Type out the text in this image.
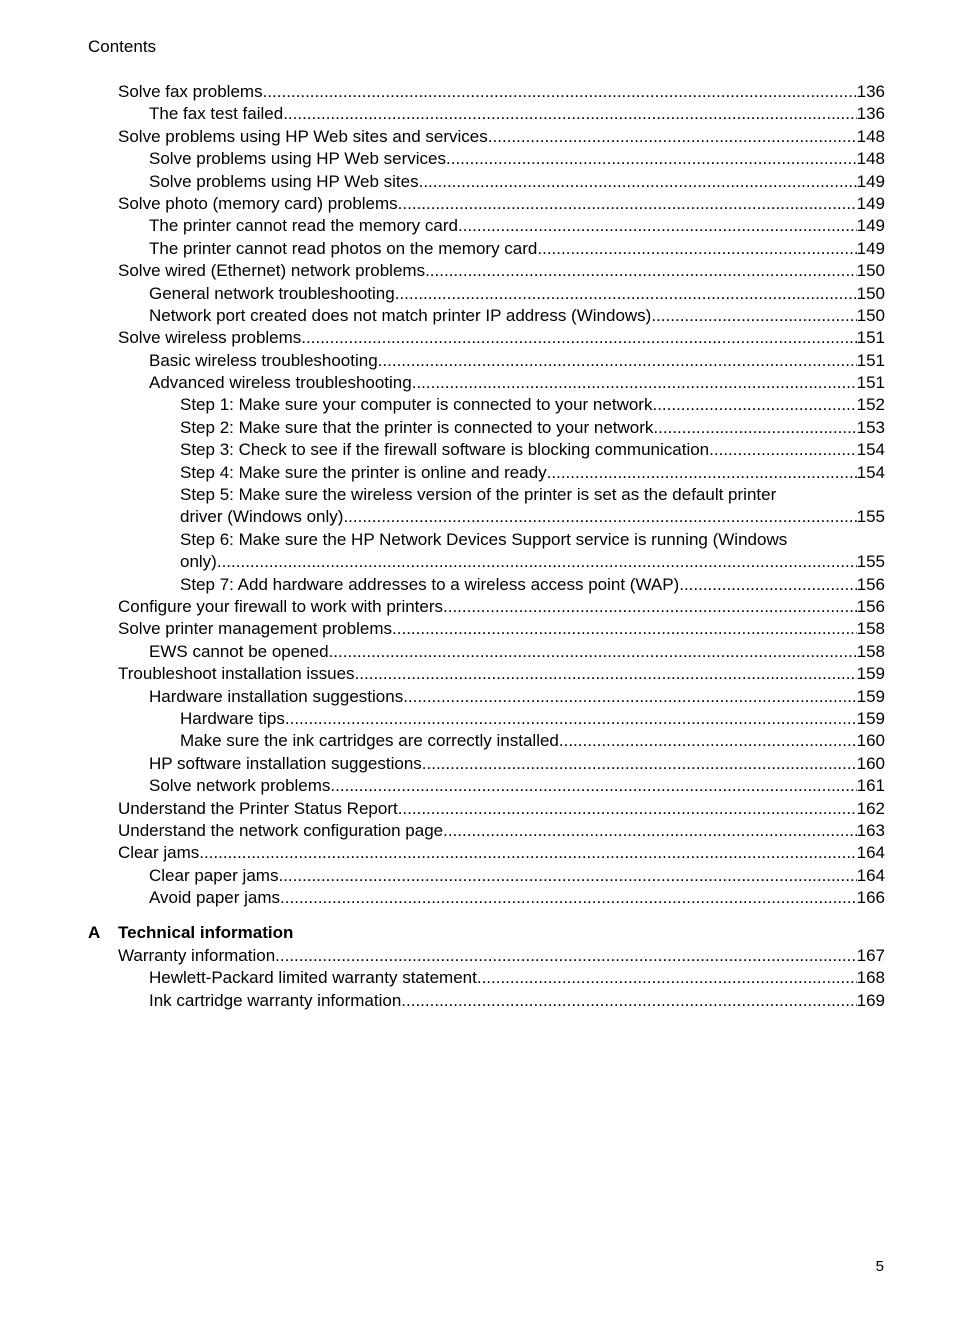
Contents
Solve fax problems .....	136
The fax test failed .....	136
Solve problems using HP Web sites and services .....	148
Solve problems using HP Web services .....	148
Solve problems using HP Web sites .....	149
Solve photo (memory card) problems .....	149
The printer cannot read the memory card .....	149
The printer cannot read photos on the memory card .....	149
Solve wired (Ethernet) network problems .....	150
General network troubleshooting .....	150
Network port created does not match printer IP address (Windows) .....	150
Solve wireless problems .....	151
Basic wireless troubleshooting .....	151
Advanced wireless troubleshooting .....	151
Step 1: Make sure your computer is connected to your network .....	152
Step 2: Make sure that the printer is connected to your network .....	153
Step 3: Check to see if the firewall software is blocking communication .....	154
Step 4: Make sure the printer is online and ready .....	154
Step 5: Make sure the wireless version of the printer is set as the default printer
driver (Windows only) .....	155
Step 6: Make sure the HP Network Devices Support service is running (Windows
only) .....	155
Step 7: Add hardware addresses to a wireless access point (WAP) .....	156
Configure your firewall to work with printers .....	156
Solve printer management problems .....	158
EWS cannot be opened .....	158
Troubleshoot installation issues .....	159
Hardware installation suggestions .....	159
Hardware tips .....	159
Make sure the ink cartridges are correctly installed .....	160
HP software installation suggestions .....	160
Solve network problems .....	161
Understand the Printer Status Report .....	162
Understand the network configuration page .....	163
Clear jams .....	164
Clear paper jams .....	164
Avoid paper jams .....	166
A Technical information
Warranty information .....	167
Hewlett-Packard limited warranty statement .....	168
Ink cartridge warranty information .....	169
5
